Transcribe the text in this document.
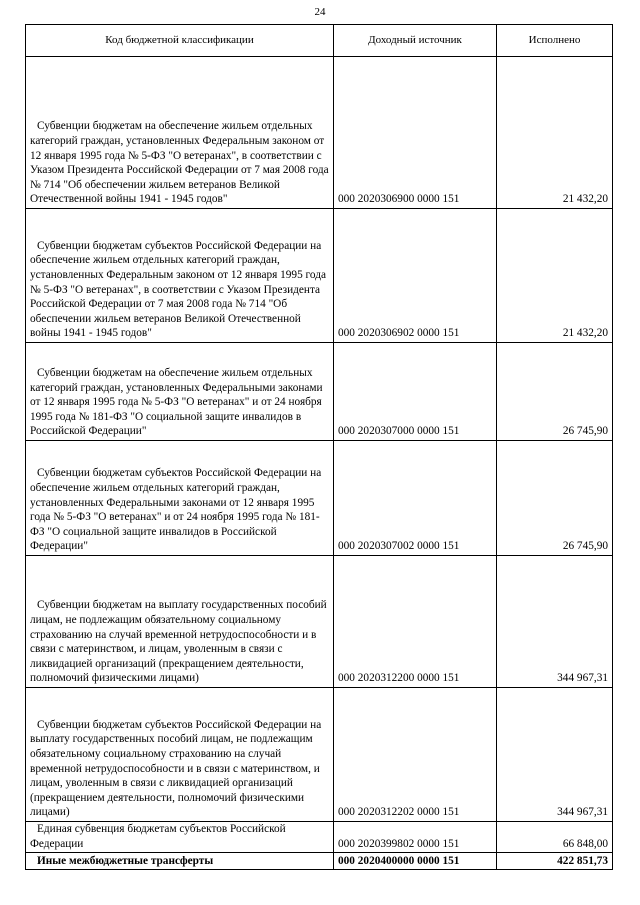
24
Код бюджетной классификации	Доходный источник	Исполнено

Субвенции бюджетам на обеспечение жильем отдельных категорий граждан, установленных Федеральным законом от 12 января 1995 года № 5-ФЗ "О ветеранах", в соответствии с Указом Президента Российской Федерации от 7 мая 2008 года № 714 "Об обеспечении жильем ветеранов Великой Отечественной войны 1941 - 1945 годов"	000 2020306900 0000 151	21 432,20

Субвенции бюджетам субъектов Российской Федерации на обеспечение жильем отдельных категорий граждан, установленных Федеральным законом от 12 января 1995 года № 5-ФЗ "О ветеранах", в соответствии с Указом Президента Российской Федерации от 7 мая 2008 года № 714 "Об обеспечении жильем ветеранов Великой Отечественной войны 1941 - 1945 годов"	000 2020306902 0000 151	21 432,20

Субвенции бюджетам на обеспечение жильем отдельных категорий граждан, установленных Федеральными законами от 12 января 1995 года № 5-ФЗ "О ветеранах" и от 24 ноября 1995 года № 181-ФЗ "О социальной защите инвалидов в Российской Федерации"	000 2020307000 0000 151	26 745,90

Субвенции бюджетам субъектов Российской Федерации на обеспечение жильем отдельных категорий граждан, установленных Федеральными законами от 12 января 1995 года № 5-ФЗ "О ветеранах" и от 24 ноября 1995 года № 181-ФЗ "О социальной защите инвалидов в Российской Федерации"	000 2020307002 0000 151	26 745,90

Субвенции бюджетам на выплату государственных пособий лицам, не подлежащим обязательному социальному страхованию на случай временной нетрудоспособности и в связи с материнством, и лицам, уволенным в связи с ликвидацией организаций (прекращением деятельности, полномочий физическими лицами)	000 2020312200 0000 151	344 967,31

Субвенции бюджетам субъектов Российской Федерации на выплату государственных пособий лицам, не подлежащим обязательному социальному страхованию на случай временной нетрудоспособности и в связи с материнством, и лицам, уволенным в связи с ликвидацией организаций (прекращением деятельности, полномочий физическими лицами)	000 2020312202 0000 151	344 967,31

Единая субвенция бюджетам субъектов Российской Федерации	000 2020399802 0000 151	66 848,00

Иные межбюджетные трансферты	000 2020400000 0000 151	422 851,73
